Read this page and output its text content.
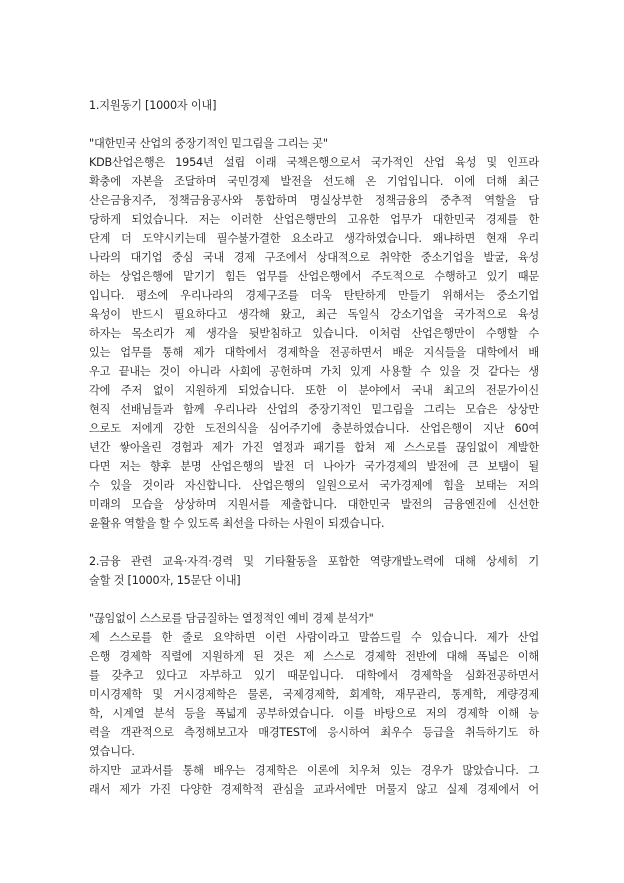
1.지원동기 [1000자 이내]
"대한민국 산업의 중장기적인 밑그림을 그리는 곳"
KDB산업은행은 1954년 설립 이래 국책은행으로서 국가적인 산업 육성 및 인프라
확충에 자본을 조달하며 국민경제 발전을 선도해 온 기업입니다. 이에 더해 최근
산은금융지주, 정책금융공사와 통합하며 명실상부한 정책금융의 중추적 역할을 담
당하게 되었습니다. 저는 이러한 산업은행만의 고유한 업무가 대한민국 경제를 한
단계 더 도약시키는데 필수불가결한 요소라고 생각하였습니다. 왜냐하면 현재 우리
나라의 대기업 중심 국내 경제 구조에서 상대적으로 취약한 중소기업을 발굴, 육성
하는 상업은행에 맡기기 힘든 업무를 산업은행에서 주도적으로 수행하고 있기 때문
입니다. 평소에 우리나라의 경제구조를 더욱 탄탄하게 만들기 위해서는 중소기업
육성이 반드시 필요하다고 생각해 왔고, 최근 독일식 강소기업을 국가적으로 육성
하자는 목소리가 제 생각을 뒷받침하고 있습니다. 이처럼 산업은행만이 수행할 수
있는 업무를 통해 제가 대학에서 경제학을 전공하면서 배운 지식들을 대학에서 배
우고 끝내는 것이 아니라 사회에 공헌하며 가치 있게 사용할 수 있을 것 같다는 생
각에 주저 없이 지원하게 되었습니다. 또한 이 분야에서 국내 최고의 전문가이신
현직 선배님들과 함께 우리나라 산업의 중장기적인 밑그림을 그리는 모습은 상상만
으로도 저에게 강한 도전의식을 심어주기에 충분하였습니다. 산업은행이 지난 60여
년간 쌓아올린 경험과 제가 가진 열정과 패기를 합쳐 제 스스로를 끊임없이 계발한
다면 저는 향후 분명 산업은행의 발전 더 나아가 국가경제의 발전에 큰 보탬이 될
수 있을 것이라 자신합니다. 산업은행의 일원으로서 국가경제에 힘을 보태는 저의
미래의 모습을 상상하며 지원서를 제출합니다. 대한민국 발전의 금융엔진에 신선한
윤활유 역할을 할 수 있도록 최선을 다하는 사원이 되겠습니다.
2.금융 관련 교육·자격·경력 및 기타활동을 포함한 역량개발노력에 대해 상세히 기
술할 것 [1000자, 15문단 이내]
"끊임없이 스스로를 담금질하는 열정적인 예비 경제 분석가"
제 스스로를 한 줄로 요약하면 이런 사람이라고 말씀드릴 수 있습니다. 제가 산업
은행 경제학 직렬에 지원하게 된 것은 제 스스로 경제학 전반에 대해 폭넓은 이해
를 갖추고 있다고 자부하고 있기 때문입니다. 대학에서 경제학을 심화전공하면서
미시경제학 및 거시경제학은 물론, 국제경제학, 회계학, 재무관리, 통계학, 계량경제
학, 시계열 분석 등을 폭넓게 공부하였습니다. 이를 바탕으로 저의 경제학 이해 능
력을 객관적으로 측정해보고자 매경TEST에 응시하여 최우수 등급을 취득하기도 하
였습니다.
하지만 교과서를 통해 배우는 경제학은 이론에 치우쳐 있는 경우가 많았습니다. 그
래서 제가 가진 다양한 경제학적 관심을 교과서에만 머물지 않고 실제 경제에서 어
